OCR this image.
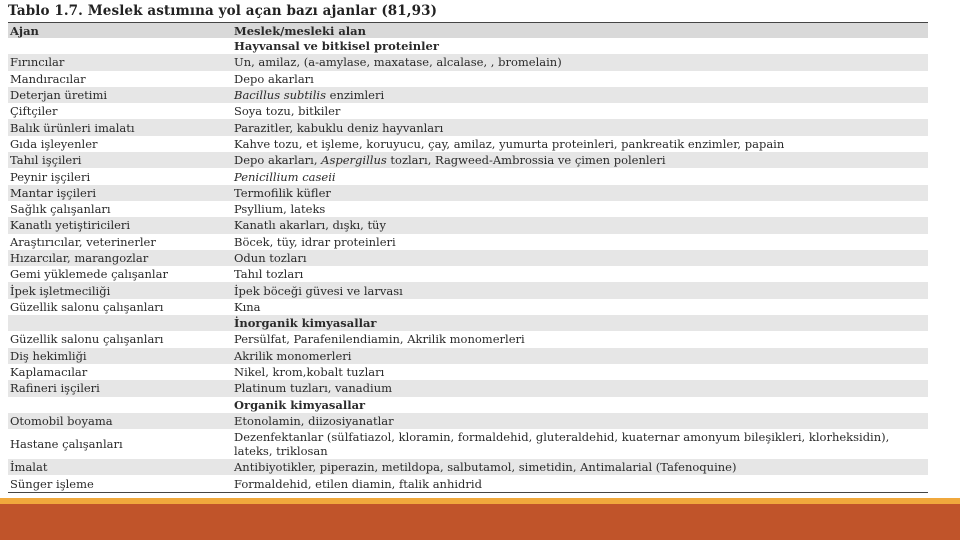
Tablo 1.7. Meslek astımına yol açan bazı ajanlar (81,93)
Ajan	Meslek/mesleki alan
	Hayvansal ve bitkisel proteinler
Fırıncılar	Un, amilaz, (a-amylase, maxatase, alcalase, , bromelain)
Mandıracılar	Depo akarları
Deterjan üretimi	Bacillus subtilis enzimleri
Çiftçiler	Soya tozu, bitkiler
Balık ürünleri imalatı	Parazitler, kabuklu deniz hayvanları
Gıda işleyenler	Kahve tozu, et işleme, koruyucu, çay, amilaz, yumurta proteinleri, pankreatik enzimler, papain
Tahıl işçileri	Depo akarları, Aspergillus tozları, Ragweed-Ambrossia ve çimen polenleri
Peynir işçileri	Penicillium caseii
Mantar işçileri	Termofilik küfler
Sağlık çalışanları	Psyllium, lateks
Kanatlı yetiştiricileri	Kanatlı akarları, dışkı, tüy
Araştırıcılar, veterinerler	Böcek, tüy, idrar proteinleri
Hızarcılar, marangozlar	Odun tozları
Gemi yüklemede çalışanlar	Tahıl tozları
İpek işletmeciliği	İpek böceği güvesi ve larvası
Güzellik salonu çalışanları	Kına
	İnorganik kimyasallar
Güzellik salonu çalışanları	Persülfat, Parafenilendiamin, Akrilik monomerleri
Diş hekimliği	Akrilik monomerleri
Kaplamacılar	Nikel, krom,kobalt tuzları
Rafineri işçileri	Platinum tuzları, vanadium
	Organik kimyasallar
Otomobil boyama	Etonolamin, diizosiyanatlar
Hastane çalışanları	Dezenfektanlar (sülfatiazol, kloramin, formaldehid, gluteraldehid, kuaternar amonyum bileşikleri, klorheksidin), lateks, triklosan
İmalat	Antibiyotikler, piperazin, metildopa, salbutamol, simetidin, Antimalarial (Tafenoquine)
Sünger işleme	Formaldehid, etilen diamin, ftalik anhidrid
